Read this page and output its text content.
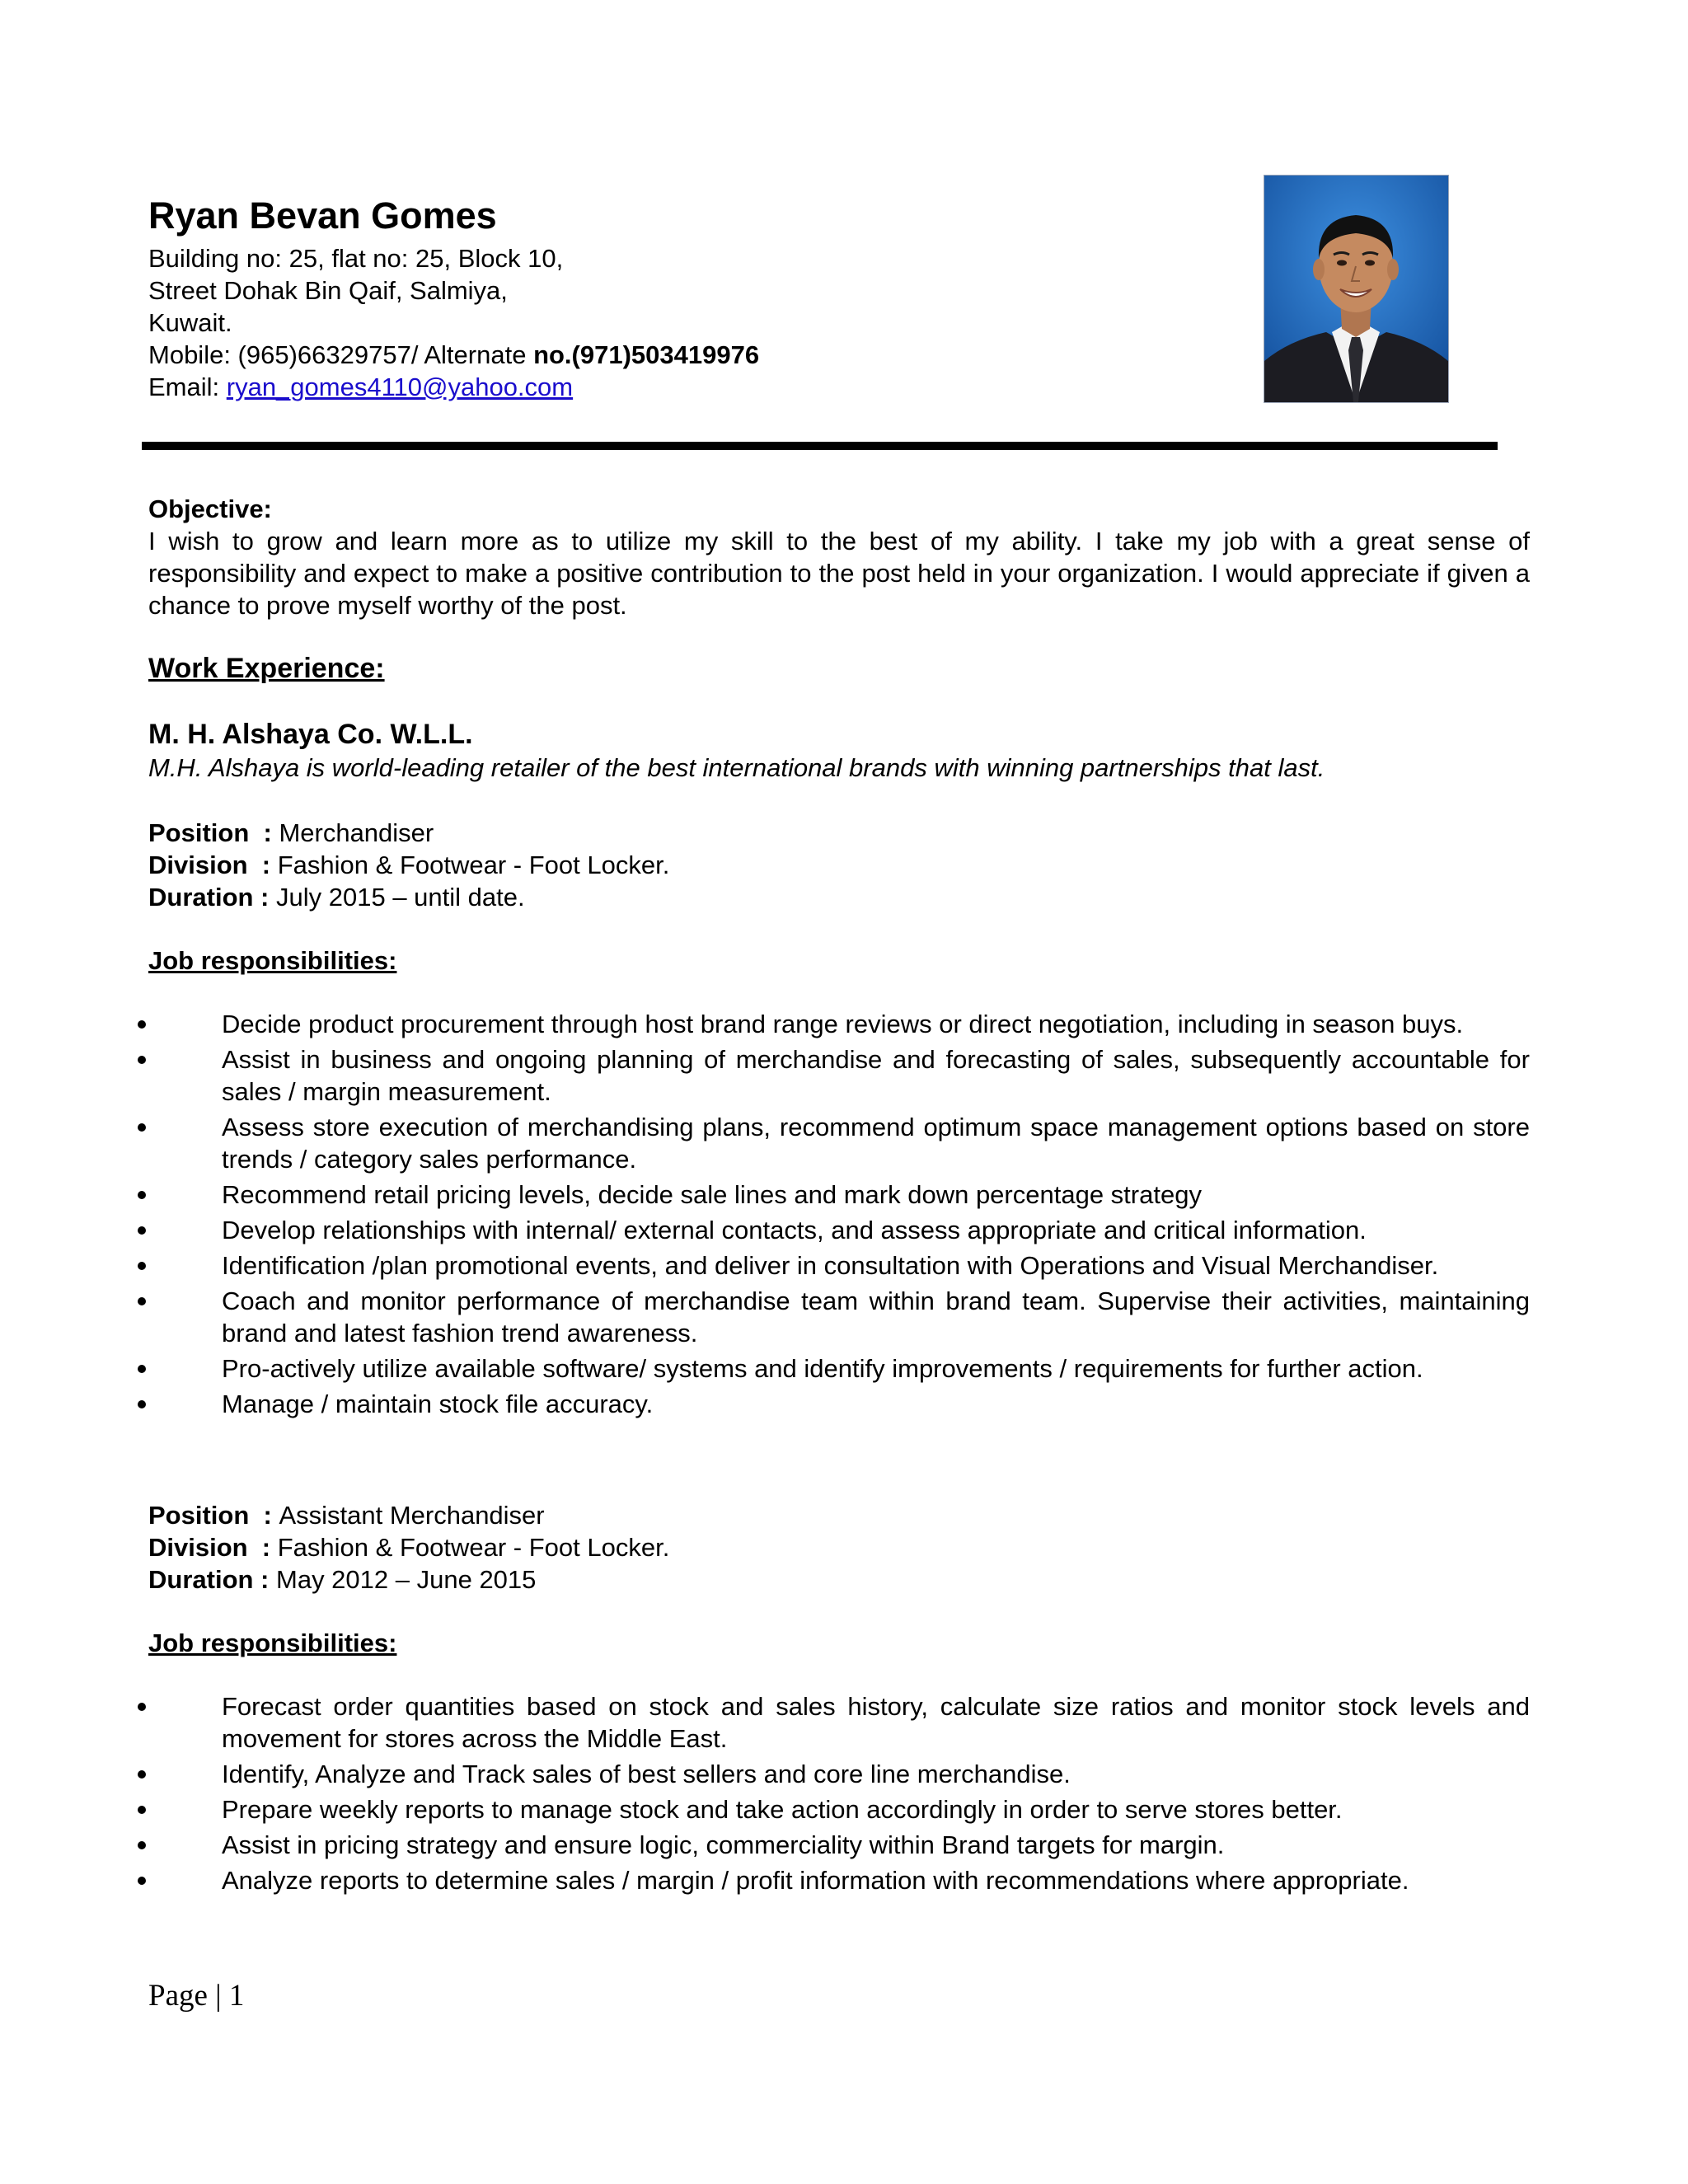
Ryan Bevan Gomes
Building no: 25, flat no: 25, Block 10,
Street Dohak Bin Qaif, Salmiya,
Kuwait.
Mobile: (965)66329757/ Alternate no.(971)503419976
Email: ryan_gomes4110@yahoo.com
Objective:
I wish to grow and learn more as to utilize my skill to the best of my ability. I take my job with a great sense of responsibility and expect to make a positive contribution to the post held in your organization. I would appreciate if given a chance to prove myself worthy of the post.
Work Experience:
M. H. Alshaya Co. W.L.L.
M.H. Alshaya is world-leading retailer of the best international brands with winning partnerships that last.
Position  : Merchandiser
Division  : Fashion & Footwear - Foot Locker.
Duration : July 2015 – until date.
Job responsibilities:
Decide product procurement through host brand range reviews or direct negotiation, including in season buys.
Assist in business and ongoing planning of merchandise and forecasting of sales, subsequently accountable for sales / margin measurement.
Assess store execution of merchandising plans, recommend optimum space management options based on store trends / category sales performance.
Recommend retail pricing levels, decide sale lines and mark down percentage strategy
Develop relationships with internal/ external contacts, and assess appropriate and critical information.
Identification /plan promotional events, and deliver in consultation with Operations and Visual Merchandiser.
Coach and monitor performance of merchandise team within brand team. Supervise their activities, maintaining brand and latest fashion trend awareness.
Pro-actively utilize available software/ systems and identify improvements / requirements for further action.
Manage / maintain stock file accuracy.
Position  : Assistant Merchandiser
Division  : Fashion & Footwear - Foot Locker.
Duration : May 2012 – June 2015
Job responsibilities:
Forecast order quantities based on stock and sales history, calculate size ratios and monitor stock levels and movement for stores across the Middle East.
Identify, Analyze and Track sales of best sellers and core line merchandise.
Prepare weekly reports to manage stock and take action accordingly in order to serve stores better.
Assist in pricing strategy and ensure logic, commerciality within Brand targets for margin.
Analyze reports to determine sales / margin / profit information with recommendations where appropriate.
Page | 1
